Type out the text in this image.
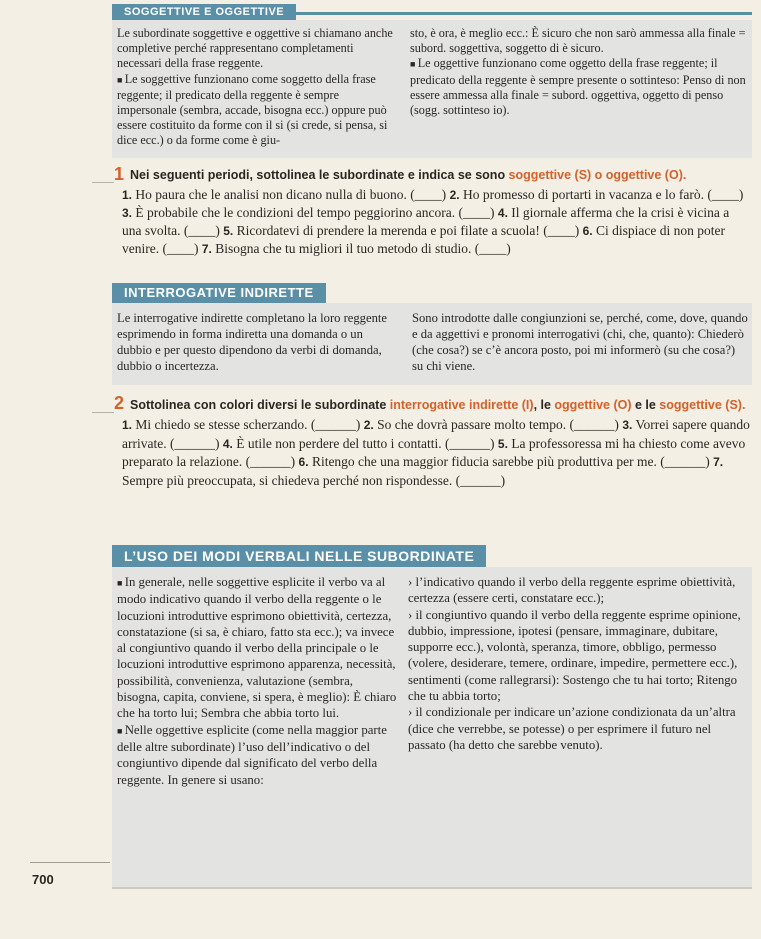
SOGGETTIVE E OGGETTIVE

Le subordinate soggettive e oggettive si chiamano anche completive perché rappresentano completamenti necessari della frase reggente.

■ Le soggettive funzionano come soggetto della frase reggente; il predicato della reggente è sempre impersonale (sembra, accade, bisogna ecc.) oppure può essere costituito da forme con il si (si crede, si pensa, si dice ecc.) o da forme come è giu-

sto, è ora, è meglio ecc.: È sicuro che non sarò ammessa alla finale = subord. soggettiva, soggetto di è sicuro.

■ Le oggettive funzionano come oggetto della frase reggente; il predicato della reggente è sempre presente o sottinteso: Penso di non essere ammessa alla finale = subord. oggettiva, oggetto di penso (sogg. sottinteso io).

1 Nei seguenti periodi, sottolinea le subordinate e indica se sono soggettive (S) o oggettive (O).
1. Ho paura che le analisi non dicano nulla di buono. (____) 2. Ho promesso di portarti in vacanza e lo farò. (____) 3. È probabile che le condizioni del tempo peggiorino ancora. (____) 4. Il giornale afferma che la crisi è vicina a una svolta. (____) 5. Ricordatevi di prendere la merenda e poi filate a scuola! (____) 6. Ci dispiace di non poter venire. (____) 7. Bisogna che tu migliori il tuo metodo di studio. (____)
INTERROGATIVE INDIRETTE

Le interrogative indirette completano la loro reggente esprimendo in forma indiretta una domanda o un dubbio e per questo dipendono da verbi di domanda, dubbio o incertezza.

Sono introdotte dalle congiunzioni se, perché, come, dove, quando e da aggettivi e pronomi interrogativi (chi, che, quanto): Chiederò (che cosa?) se c’è ancora posto, poi mi informerò (su che cosa?) su chi viene.

2 Sottolinea con colori diversi le subordinate interrogative indirette (I), le oggettive (O) e le soggettive (S).
1. Mi chiedo se stesse scherzando. (______) 2. So che dovrà passare molto tempo. (______) 3. Vorrei sapere quando arrivate. (______) 4. È utile non perdere del tutto i contatti. (______) 5. La professoressa mi ha chiesto come avevo preparato la relazione. (______) 6. Ritengo che una maggior fiducia sarebbe più produttiva per me. (______) 7. Sempre più preoccupata, si chiedeva perché non rispondesse. (______)
L’USO DEI MODI VERBALI NELLE SUBORDINATE

■ In generale, nelle soggettive esplicite il verbo va al modo indicativo quando il verbo della reggente o le locuzioni introduttive esprimono obiettività, certezza, constatazione (si sa, è chiaro, fatto sta ecc.); va invece al congiuntivo quando il verbo della principale o le locuzioni introduttive esprimono apparenza, necessità, possibilità, convenienza, valutazione (sembra, bisogna, capita, conviene, si spera, è meglio): È chiaro che ha torto lui; Sembra che abbia torto lui.

■ Nelle oggettive esplicite (come nella maggior parte delle altre subordinate) l’uso dell’indicativo o del congiuntivo dipende dal significato del verbo della reggente. In genere si usano:

› l’indicativo quando il verbo della reggente esprime obiettività, certezza (essere certi, constatare ecc.);

› il congiuntivo quando il verbo della reggente esprime opinione, dubbio, impressione, ipotesi (pensare, immaginare, dubitare, supporre ecc.), volontà, speranza, timore, obbligo, permesso (volere, desiderare, temere, ordinare, impedire, permettere ecc.), sentimenti (come rallegrarsi): Sostengo che tu hai torto; Ritengo che tu abbia torto;

› il condizionale per indicare un’azione condizionata da un’altra (dice che verrebbe, se potesse) o per esprimere il futuro nel passato (ha detto che sarebbe venuto).

700
